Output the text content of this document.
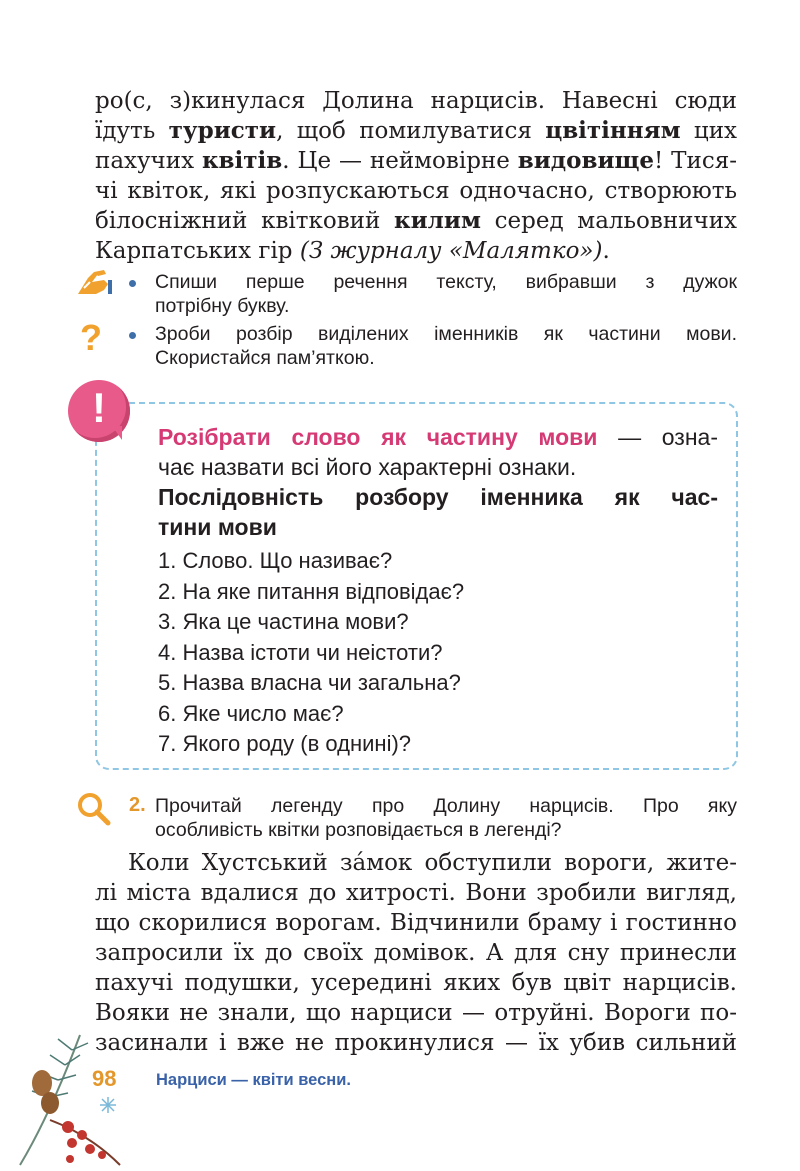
ро(с, з)кинулася Долина нарцисів. Навесні сюди
їдуть туристи, щоб помилуватися цвітінням цих
пахучих квітів. Це — неймовірне видовище! Тися-
чі квіток, які розпускаються одночасно, створюють
білосніжний квітковий килим серед мальовничих
Карпатських гір (З журналу «Малятко»).
Спиши перше речення тексту, вибравши з дужок
потрібну букву.
?	Зроби розбір виділених іменників як частини мови.
Скористайся пам’яткою.
!
Розібрати слово як частину мови — озна-
чає назвати всі його характерні ознаки.
Послідовність розбору іменника як час-
тини мови
1. Слово. Що називає?
2. На яке питання відповідає?
3. Яка це частина мови?
4. Назва істоти чи неістоти?
5. Назва власна чи загальна?
6. Яке число має?
7. Якого роду (в однині)?
2. Прочитай легенду про Долину нарцисів. Про яку
особливість квітки розповідається в легенді?
Коли Хустський за́мок обступили вороги, жите-
лі міста вдалися до хитрості. Вони зробили вигляд,
що скорилися ворогам. Відчинили браму і гостинно
запросили їх до своїх домівок. А для сну принесли
пахучі подушки, усередині яких був цвіт нарцисів.
Вояки не знали, що нарциси — отруйні. Вороги по-
засинали і вже не прокинулися — їх убив сильний
98 Нарциси — квіти весни.
